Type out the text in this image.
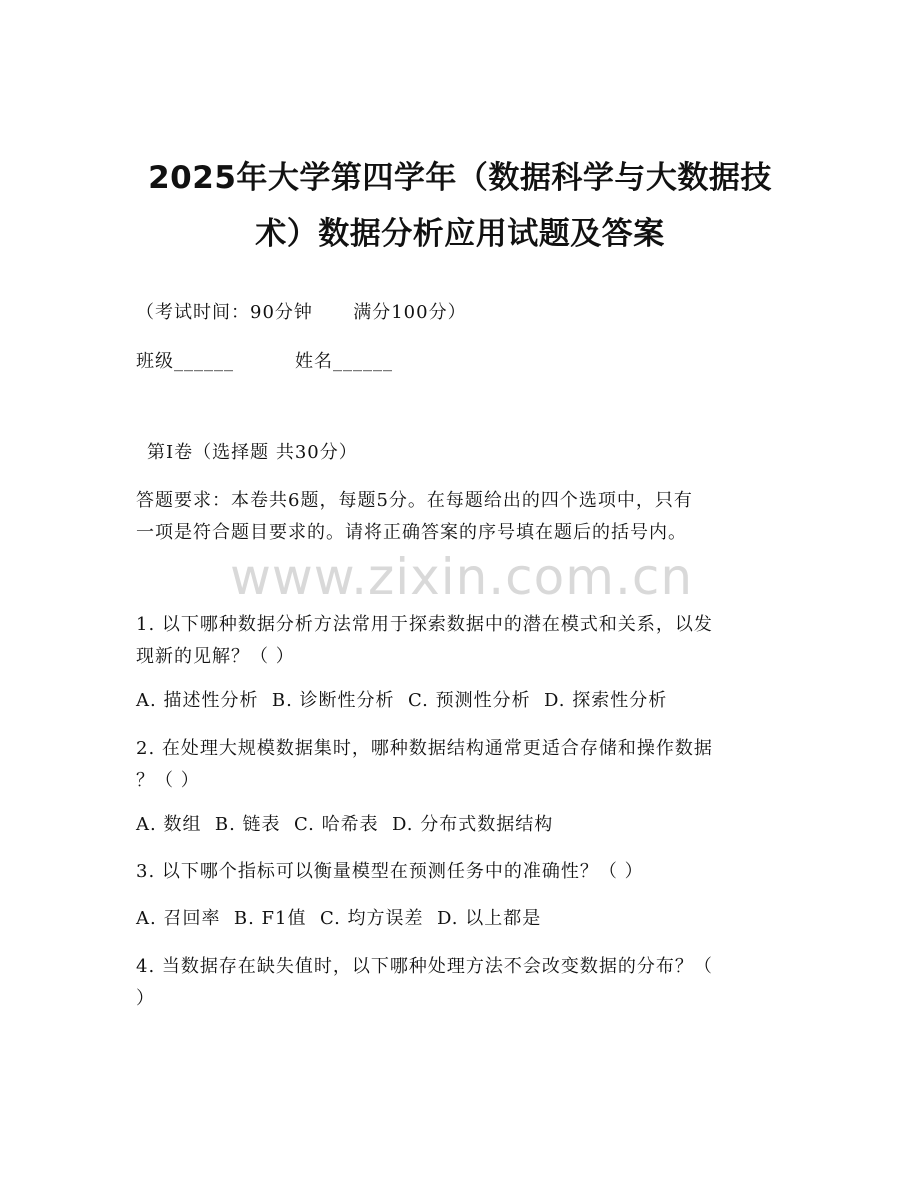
2025年大学第四学年（数据科学与大数据技
术）数据分析应用试题及答案
（考试时间：90分钟      满分100分）
班级______	姓名______
第I卷（选择题 共30分）
答题要求：本卷共6题，每题5分。在每题给出的四个选项中，只有
一项是符合题目要求的。请将正确答案的序号填在题后的括号内。
www.zixin.com.cn
1. 以下哪种数据分析方法常用于探索数据中的潜在模式和关系，以发
现新的见解？（ ）
A. 描述性分析  B. 诊断性分析  C. 预测性分析  D. 探索性分析
2. 在处理大规模数据集时，哪种数据结构通常更适合存储和操作数据
？（ ）
A. 数组  B. 链表  C. 哈希表  D. 分布式数据结构
3. 以下哪个指标可以衡量模型在预测任务中的准确性？（ ）
A. 召回率  B. F1值  C. 均方误差  D. 以上都是
4. 当数据存在缺失值时，以下哪种处理方法不会改变数据的分布？（
）
